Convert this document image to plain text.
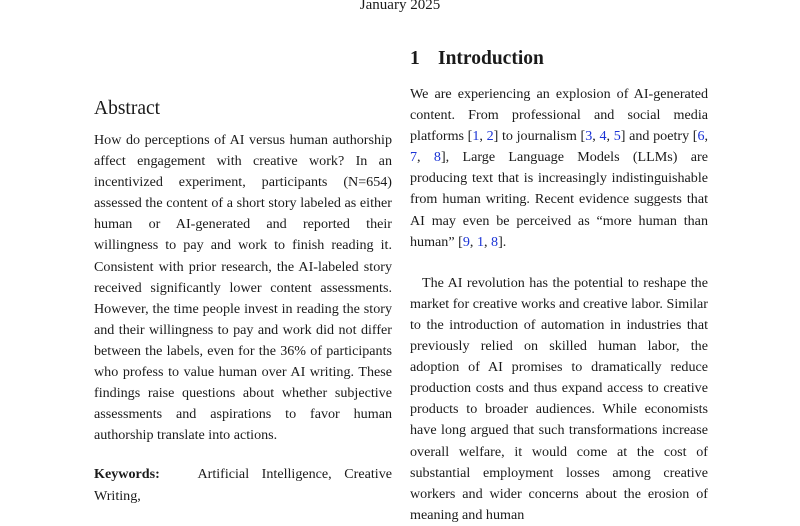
January 2025
Abstract

How do perceptions of AI versus human authorship affect engagement with creative work? In an incentivized experiment, participants (N=654) assessed the content of a short story labeled as either human or AI-generated and reported their willingness to pay and work to finish reading it. Consistent with prior research, the AI-labeled story received significantly lower content assessments. However, the time people invest in reading the story and their willingness to pay and work did not differ between the labels, even for the 36% of participants who profess to value human over AI writing. These findings raise questions about whether subjective assessments and aspirations to favor human authorship translate into actions.

Keywords:	Artificial Intelligence, Creative Writing,

1 Introduction

We are experiencing an explosion of AI-generated content. From professional and social media platforms [1, 2] to journalism [3, 4, 5] and poetry [6, 7, 8], Large Language Models (LLMs) are producing text that is increasingly indistinguishable from human writing. Recent evidence suggests that AI may even be perceived as “more human than human” [9, 1, 8].

The AI revolution has the potential to reshape the market for creative works and creative labor. Similar to the introduction of automation in industries that previously relied on skilled human labor, the adoption of AI promises to dramatically reduce production costs and thus expand access to creative products to broader audiences. While economists have long argued that such transformations increase overall welfare, it would come at the cost of substantial employment losses among creative workers and wider concerns about the erosion of meaning and human
